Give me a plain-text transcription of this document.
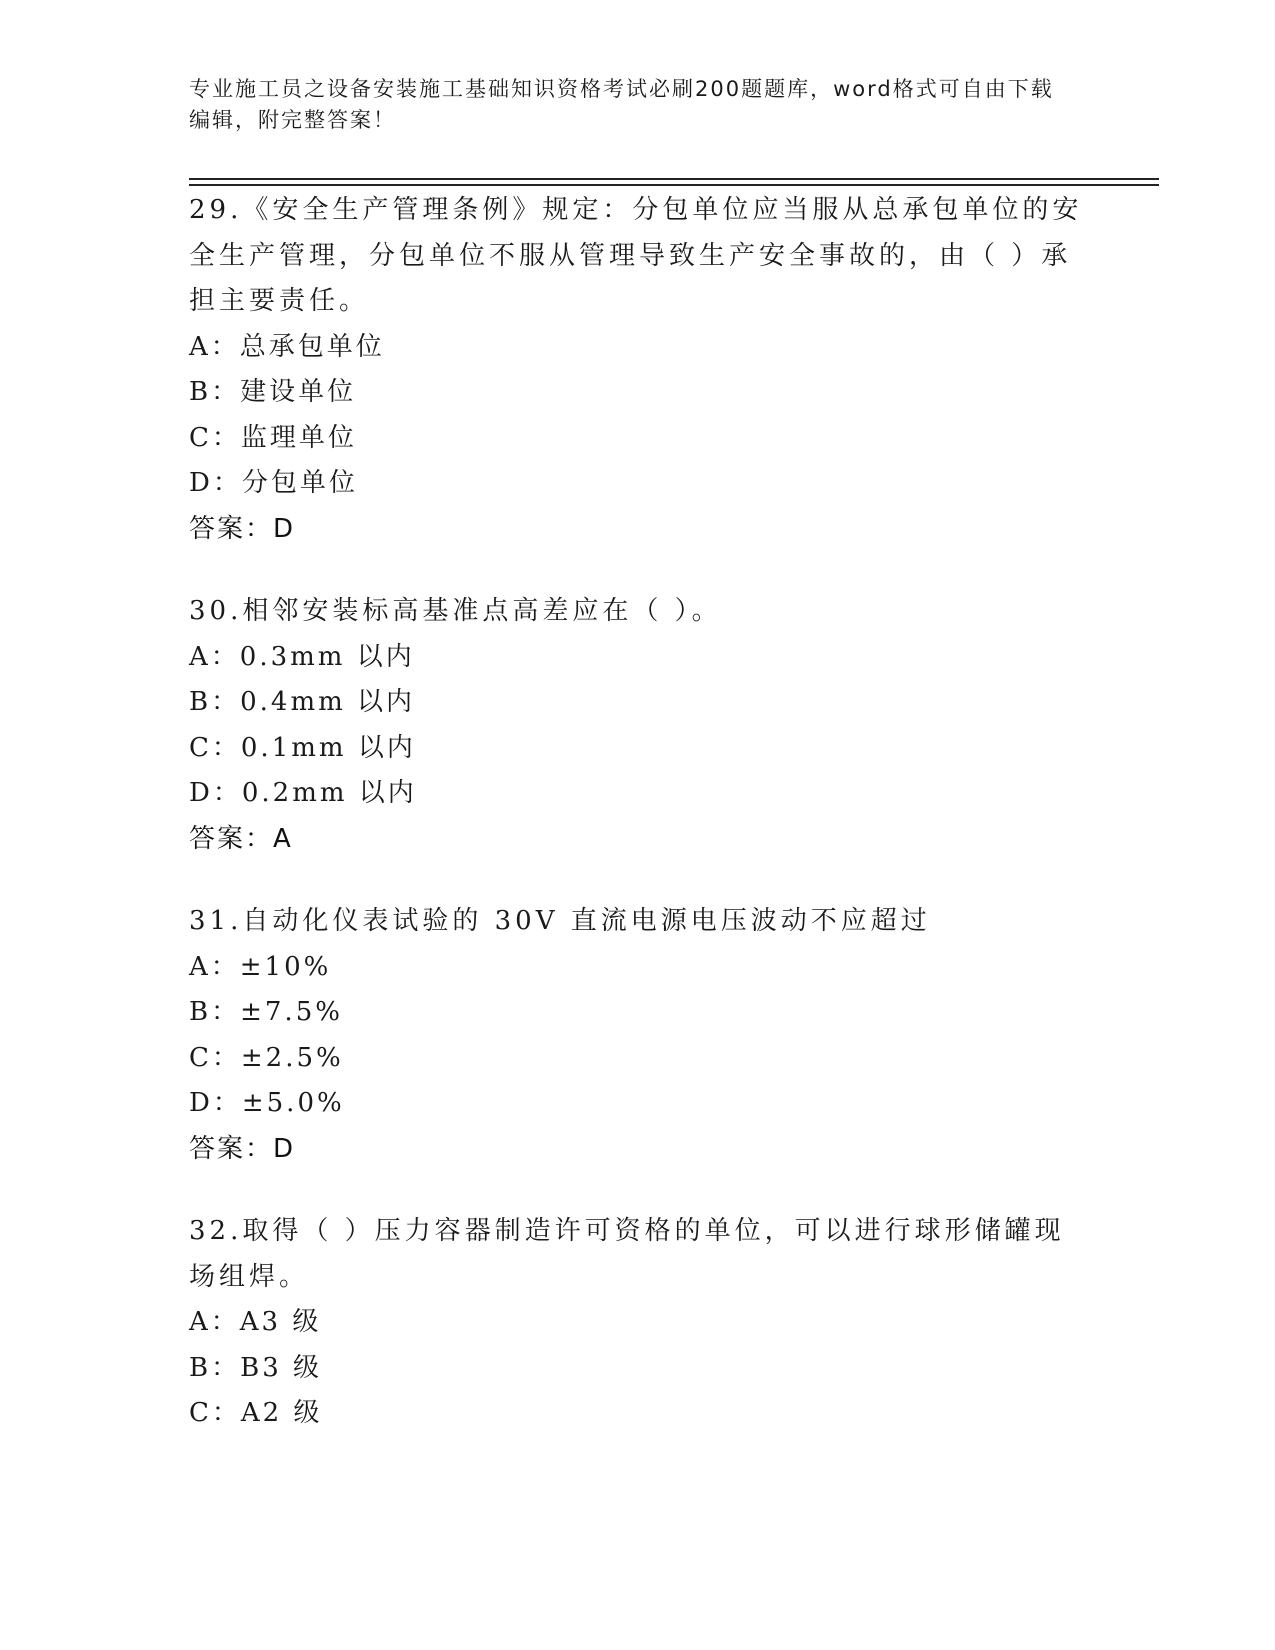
专业施工员之设备安装施工基础知识资格考试必刷200题题库，word格式可自由下载编辑，附完整答案！
29.《安全生产管理条例》规定：分包单位应当服从总承包单位的安全生产管理，分包单位不服从管理导致生产安全事故的，由（ ）承担主要责任。
A：总承包单位
B：建设单位
C：监理单位
D：分包单位
答案：D
30.相邻安装标高基准点高差应在（ ）。
A：0.3mm 以内
B：0.4mm 以内
C：0.1mm 以内
D：0.2mm 以内
答案：A
31.自动化仪表试验的 30V 直流电源电压波动不应超过
A：±10%
B：±7.5%
C：±2.5%
D：±5.0%
答案：D
32.取得（ ）压力容器制造许可资格的单位，可以进行球形储罐现场组焊。
A：A3 级
B：B3 级
C：A2 级
